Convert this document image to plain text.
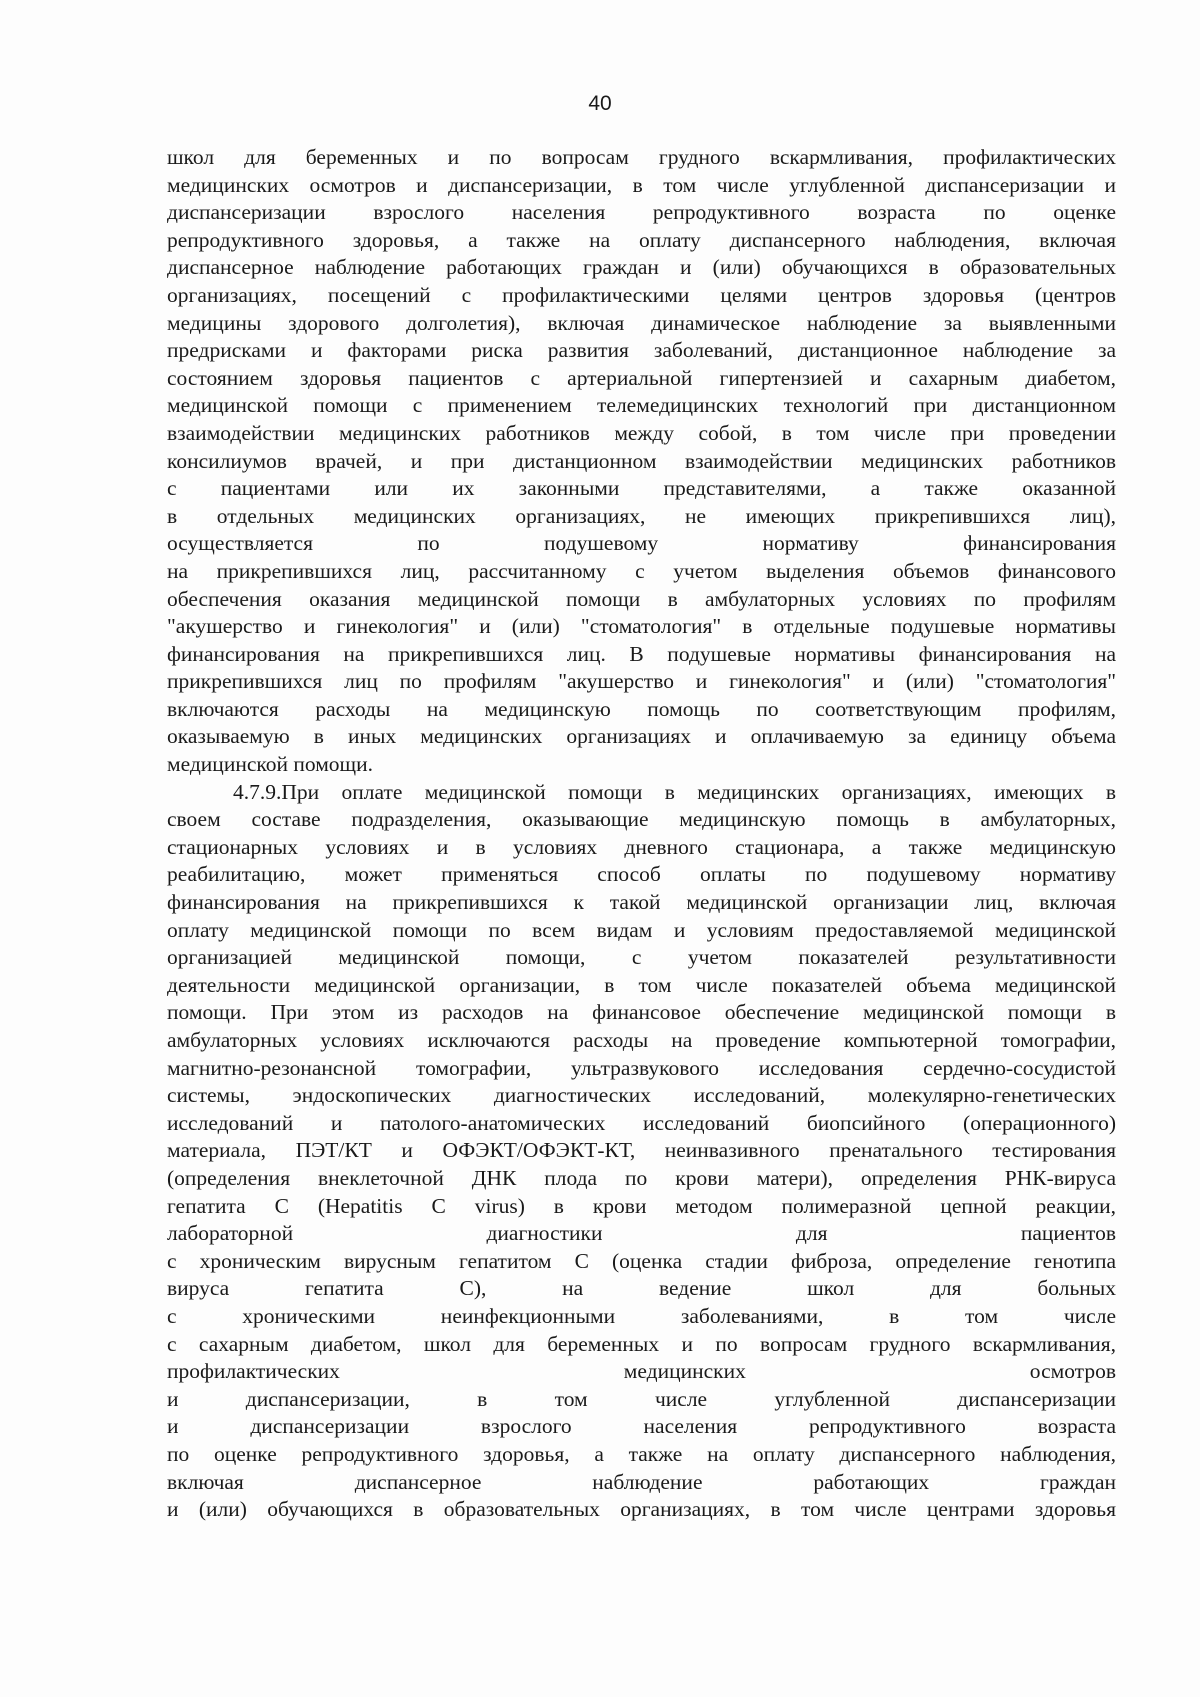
40
школ для беременных и по вопросам грудного вскармливания, профилактических
медицинских осмотров и диспансеризации, в том числе углубленной диспансеризации и
диспансеризации взрослого населения репродуктивного возраста по оценке
репродуктивного здоровья, а также на оплату диспансерного наблюдения, включая
диспансерное наблюдение работающих граждан и (или) обучающихся в образовательных
организациях, посещений с профилактическими целями центров здоровья (центров
медицины здорового долголетия), включая динамическое наблюдение за выявленными
предрисками и факторами риска развития заболеваний, дистанционное наблюдение за
состоянием здоровья пациентов с артериальной гипертензией и сахарным диабетом,
медицинской помощи с применением телемедицинских технологий при дистанционном
взаимодействии медицинских работников между собой, в том числе при проведении
консилиумов врачей, и при дистанционном взаимодействии медицинских работников
с пациентами или их законными представителями, а также оказанной
в отдельных медицинских организациях, не имеющих прикрепившихся лиц),
осуществляется по подушевому нормативу финансирования
на прикрепившихся лиц, рассчитанному с учетом выделения объемов финансового
обеспечения оказания медицинской помощи в амбулаторных условиях по профилям
"акушерство и гинекология" и (или) "стоматология" в отдельные подушевые нормативы
финансирования на прикрепившихся лиц. В подушевые нормативы финансирования на
прикрепившихся лиц по профилям "акушерство и гинекология" и (или) "стоматология"
включаются расходы на медицинскую помощь по соответствующим профилям,
оказываемую в иных медицинских организациях и оплачиваемую за единицу объема
медицинской помощи.
4.7.9.При оплате медицинской помощи в медицинских организациях, имеющих в
своем составе подразделения, оказывающие медицинскую помощь в амбулаторных,
стационарных условиях и в условиях дневного стационара, а также медицинскую
реабилитацию, может применяться способ оплаты по подушевому нормативу
финансирования на прикрепившихся к такой медицинской организации лиц, включая
оплату медицинской помощи по всем видам и условиям предоставляемой медицинской
организацией медицинской помощи, с учетом показателей результативности
деятельности медицинской организации, в том числе показателей объема медицинской
помощи. При этом из расходов на финансовое обеспечение медицинской помощи в
амбулаторных условиях исключаются расходы на проведение компьютерной томографии,
магнитно-резонансной томографии, ультразвукового исследования сердечно-сосудистой
системы, эндоскопических диагностических исследований, молекулярно-генетических
исследований и патолого-анатомических исследований биопсийного (операционного)
материала, ПЭТ/КТ и ОФЭКТ/ОФЭКТ-КТ, неинвазивного пренатального тестирования
(определения внеклеточной ДНК плода по крови матери), определения РНК-вируса
гепатита С (Hepatitis C virus) в крови методом полимеразной цепной реакции,
лабораторной диагностики для пациентов
с хроническим вирусным гепатитом С (оценка стадии фиброза, определение генотипа
вируса гепатита С), на ведение школ для больных
с хроническими неинфекционными заболеваниями, в том числе
с сахарным диабетом, школ для беременных и по вопросам грудного вскармливания,
профилактических медицинских осмотров
и диспансеризации, в том числе углубленной диспансеризации
и диспансеризации взрослого населения репродуктивного возраста
по оценке репродуктивного здоровья, а также на оплату диспансерного наблюдения,
включая диспансерное наблюдение работающих граждан
и (или) обучающихся в образовательных организациях, в том числе центрами здоровья
